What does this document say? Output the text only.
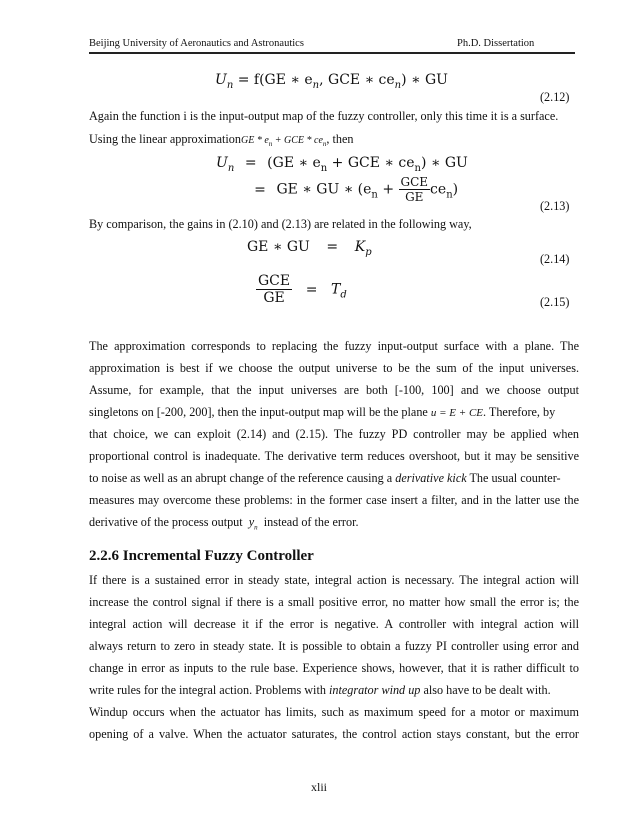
Beijing University of Aeronautics and Astronautics	Ph.D. Dissertation
$U_n = f(GE$ ∗ $e_n$, GCE ∗ $ce_n$) ∗ GU
(2.12)
Again the function i is the input-output map of the fuzzy controller, only this time it is a surface.
Using the linear approximationGE * $e_n$ + GCE * $ce_n$, then
$U_n = (GE$ ∗ $e_n$ + GCE ∗ $ce_n$) ∗ GU
= GE ∗ GU ∗ $(e_n + \frac{\text{GCE}}{GE} ce_n)$
(2.13)
By comparison, the gains in (2.10) and (2.13) are related in the following way,
GE ∗ GU = $K_p$	(2.14)
$\frac{\text{GCE}}{GE} = T_d$
(2.15)
The approximation corresponds to replacing the fuzzy input-output surface with a plane. The
approximation is best if we choose the output universe to be the sum of the input universes.
Assume, for example, that the input universes are both [-100, 100] and we choose output
singletons on [-200, 200], then the input-output map will be the plane u = E + CE. Therefore, by
that choice, we can exploit (2.14) and (2.15). The fuzzy PD controller may be applied when
proportional control is inadequate. The derivative term reduces overshoot, but it may be sensitive
to noise as well as an abrupt change of the reference causing a derivative kick The usual counter-
measures may overcome these problems: in the former case insert a filter, and in the latter use the
derivative of the process output $y_n$ instead of the error.
2.2.6 Incremental Fuzzy Controller
If there is a sustained error in steady state, integral action is necessary. The integral action will
increase the control signal if there is a small positive error, no matter how small the error is; the
integral action will decrease it if the error is negative. A controller with integral action will
always return to zero in steady state. It is possible to obtain a fuzzy PI controller using error and
change in error as inputs to the rule base. Experience shows, however, that it is rather difficult to
write rules for the integral action. Problems with integrator wind up also have to be dealt with.
Windup occurs when the actuator has limits, such as maximum speed for a motor or maximum
opening of a valve. When the actuator saturates, the control action stays constant, but the error
xlii
